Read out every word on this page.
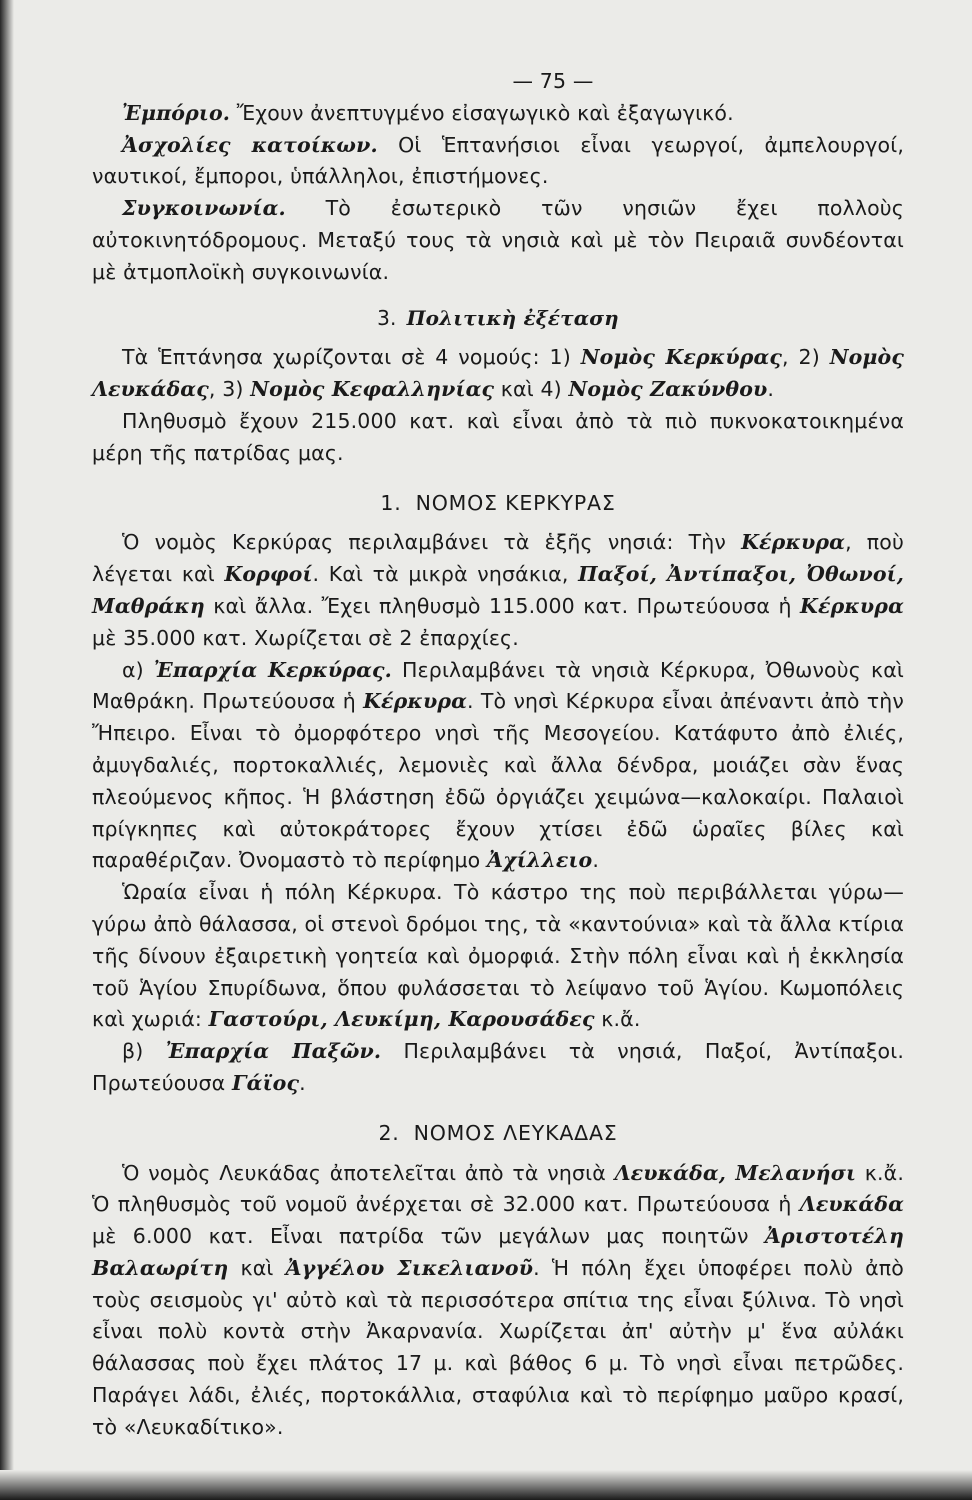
— 75 —

Ἐμπόριο. Ἔχουν ἀνεπτυγμένο εἰσαγωγικὸ καὶ ἐξαγωγικό.

Ἀσχολίες κατοίκων. Οἱ Ἑπτανήσιοι εἶναι γεωργοί, ἀμπελουργοί, ναυτικοί, ἔμποροι, ὑπάλληλοι, ἐπιστήμονες.

Συγκοινωνία. Τὸ ἐσωτερικὸ τῶν νησιῶν ἔχει πολλοὺς αὐτοκινητόδρομους. Μεταξύ τους τὰ νησιὰ καὶ μὲ τὸν Πειραιᾶ συνδέονται μὲ ἀτμοπλοϊκὴ συγκοινωνία.

3. Πολιτικὴ ἐξέταση

Τὰ Ἑπτάνησα χωρίζονται σὲ 4 νομούς: 1) Νομὸς Κερκύρας, 2) Νομὸς Λευκάδας, 3) Νομὸς Κεφαλληνίας καὶ 4) Νομὸς Ζακύνθου.

Πληθυσμὸ ἔχουν 215.000 κατ. καὶ εἶναι ἀπὸ τὰ πιὸ πυκνοκατοικημένα μέρη τῆς πατρίδας μας.

1. ΝΟΜΟΣ ΚΕΡΚΥΡΑΣ

Ὁ νομὸς Κερκύρας περιλαμβάνει τὰ ἑξῆς νησιά: Τὴν Κέρκυρα, ποὺ λέγεται καὶ Κορφοί. Καὶ τὰ μικρὰ νησάκια, Παξοί, Ἀντίπαξοι, Ὀθωνοί, Μαθράκη καὶ ἄλλα. Ἔχει πληθυσμὸ 115.000 κατ. Πρωτεύουσα ἡ Κέρκυρα μὲ 35.000 κατ. Χωρίζεται σὲ 2 ἐπαρχίες.

α) Ἐπαρχία Κερκύρας. Περιλαμβάνει τὰ νησιὰ Κέρκυρα, Ὀθωνοὺς καὶ Μαθράκη. Πρωτεύουσα ἡ Κέρκυρα. Τὸ νησὶ Κέρκυρα εἶναι ἀπέναντι ἀπὸ τὴν Ἤπειρο. Εἶναι τὸ ὀμορφότερο νησὶ τῆς Μεσογείου. Κατάφυτο ἀπὸ ἐλιές, ἀμυγδαλιές, πορτοκαλλιές, λεμονιὲς καὶ ἄλλα δένδρα, μοιάζει σὰν ἕνας πλεούμενος κῆπος. Ἡ βλάστηση ἐδῶ ὀργιάζει χειμώνα—καλοκαίρι. Παλαιοὶ πρίγκηπες καὶ αὐτοκράτορες ἔχουν χτίσει ἐδῶ ὡραῖες βίλες καὶ παραθέριζαν. Ὀνομαστὸ τὸ περίφημο Ἀχίλλειο.

Ὡραία εἶναι ἡ πόλη Κέρκυρα. Τὸ κάστρο της ποὺ περιβάλλεται γύρω—γύρω ἀπὸ θάλασσα, οἱ στενοὶ δρόμοι της, τὰ «καντούνια» καὶ τὰ ἄλλα κτίρια τῆς δίνουν ἐξαιρετικὴ γοητεία καὶ ὀμορφιά. Στὴν πόλη εἶναι καὶ ἡ ἐκκλησία τοῦ Ἁγίου Σπυρίδωνα, ὅπου φυλάσσεται τὸ λείψανο τοῦ Ἁγίου. Κωμοπόλεις καὶ χωριά: Γαστούρι, Λευκίμη, Καρουσάδες κ.ἄ.

β) Ἐπαρχία Παξῶν. Περιλαμβάνει τὰ νησιά, Παξοί, Ἀντίπαξοι. Πρωτεύουσα Γάϊος.

2. ΝΟΜΟΣ ΛΕΥΚΑΔΑΣ

Ὁ νομὸς Λευκάδας ἀποτελεῖται ἀπὸ τὰ νησιὰ Λευκάδα, Μελανήσι κ.ἄ. Ὁ πληθυσμὸς τοῦ νομοῦ ἀνέρχεται σὲ 32.000 κατ. Πρωτεύουσα ἡ Λευκάδα μὲ 6.000 κατ. Εἶναι πατρίδα τῶν μεγάλων μας ποιητῶν Ἀριστοτέλη Βαλαωρίτη καὶ Ἀγγέλου Σικελιανοῦ. Ἡ πόλη ἔχει ὑποφέρει πολὺ ἀπὸ τοὺς σεισμοὺς γι' αὐτὸ καὶ τὰ περισσότερα σπίτια της εἶναι ξύλινα. Τὸ νησὶ εἶναι πολὺ κοντὰ στὴν Ἀκαρνανία. Χωρίζεται ἀπ' αὐτὴν μ' ἕνα αὐλάκι θάλασσας ποὺ ἔχει πλάτος 17 μ. καὶ βάθος 6 μ. Τὸ νησὶ εἶναι πετρῶδες. Παράγει λάδι, ἐλιές, πορτοκάλλια, σταφύλια καὶ τὸ περίφημο μαῦρο κρασί, τὸ «Λευκαδίτικο».
